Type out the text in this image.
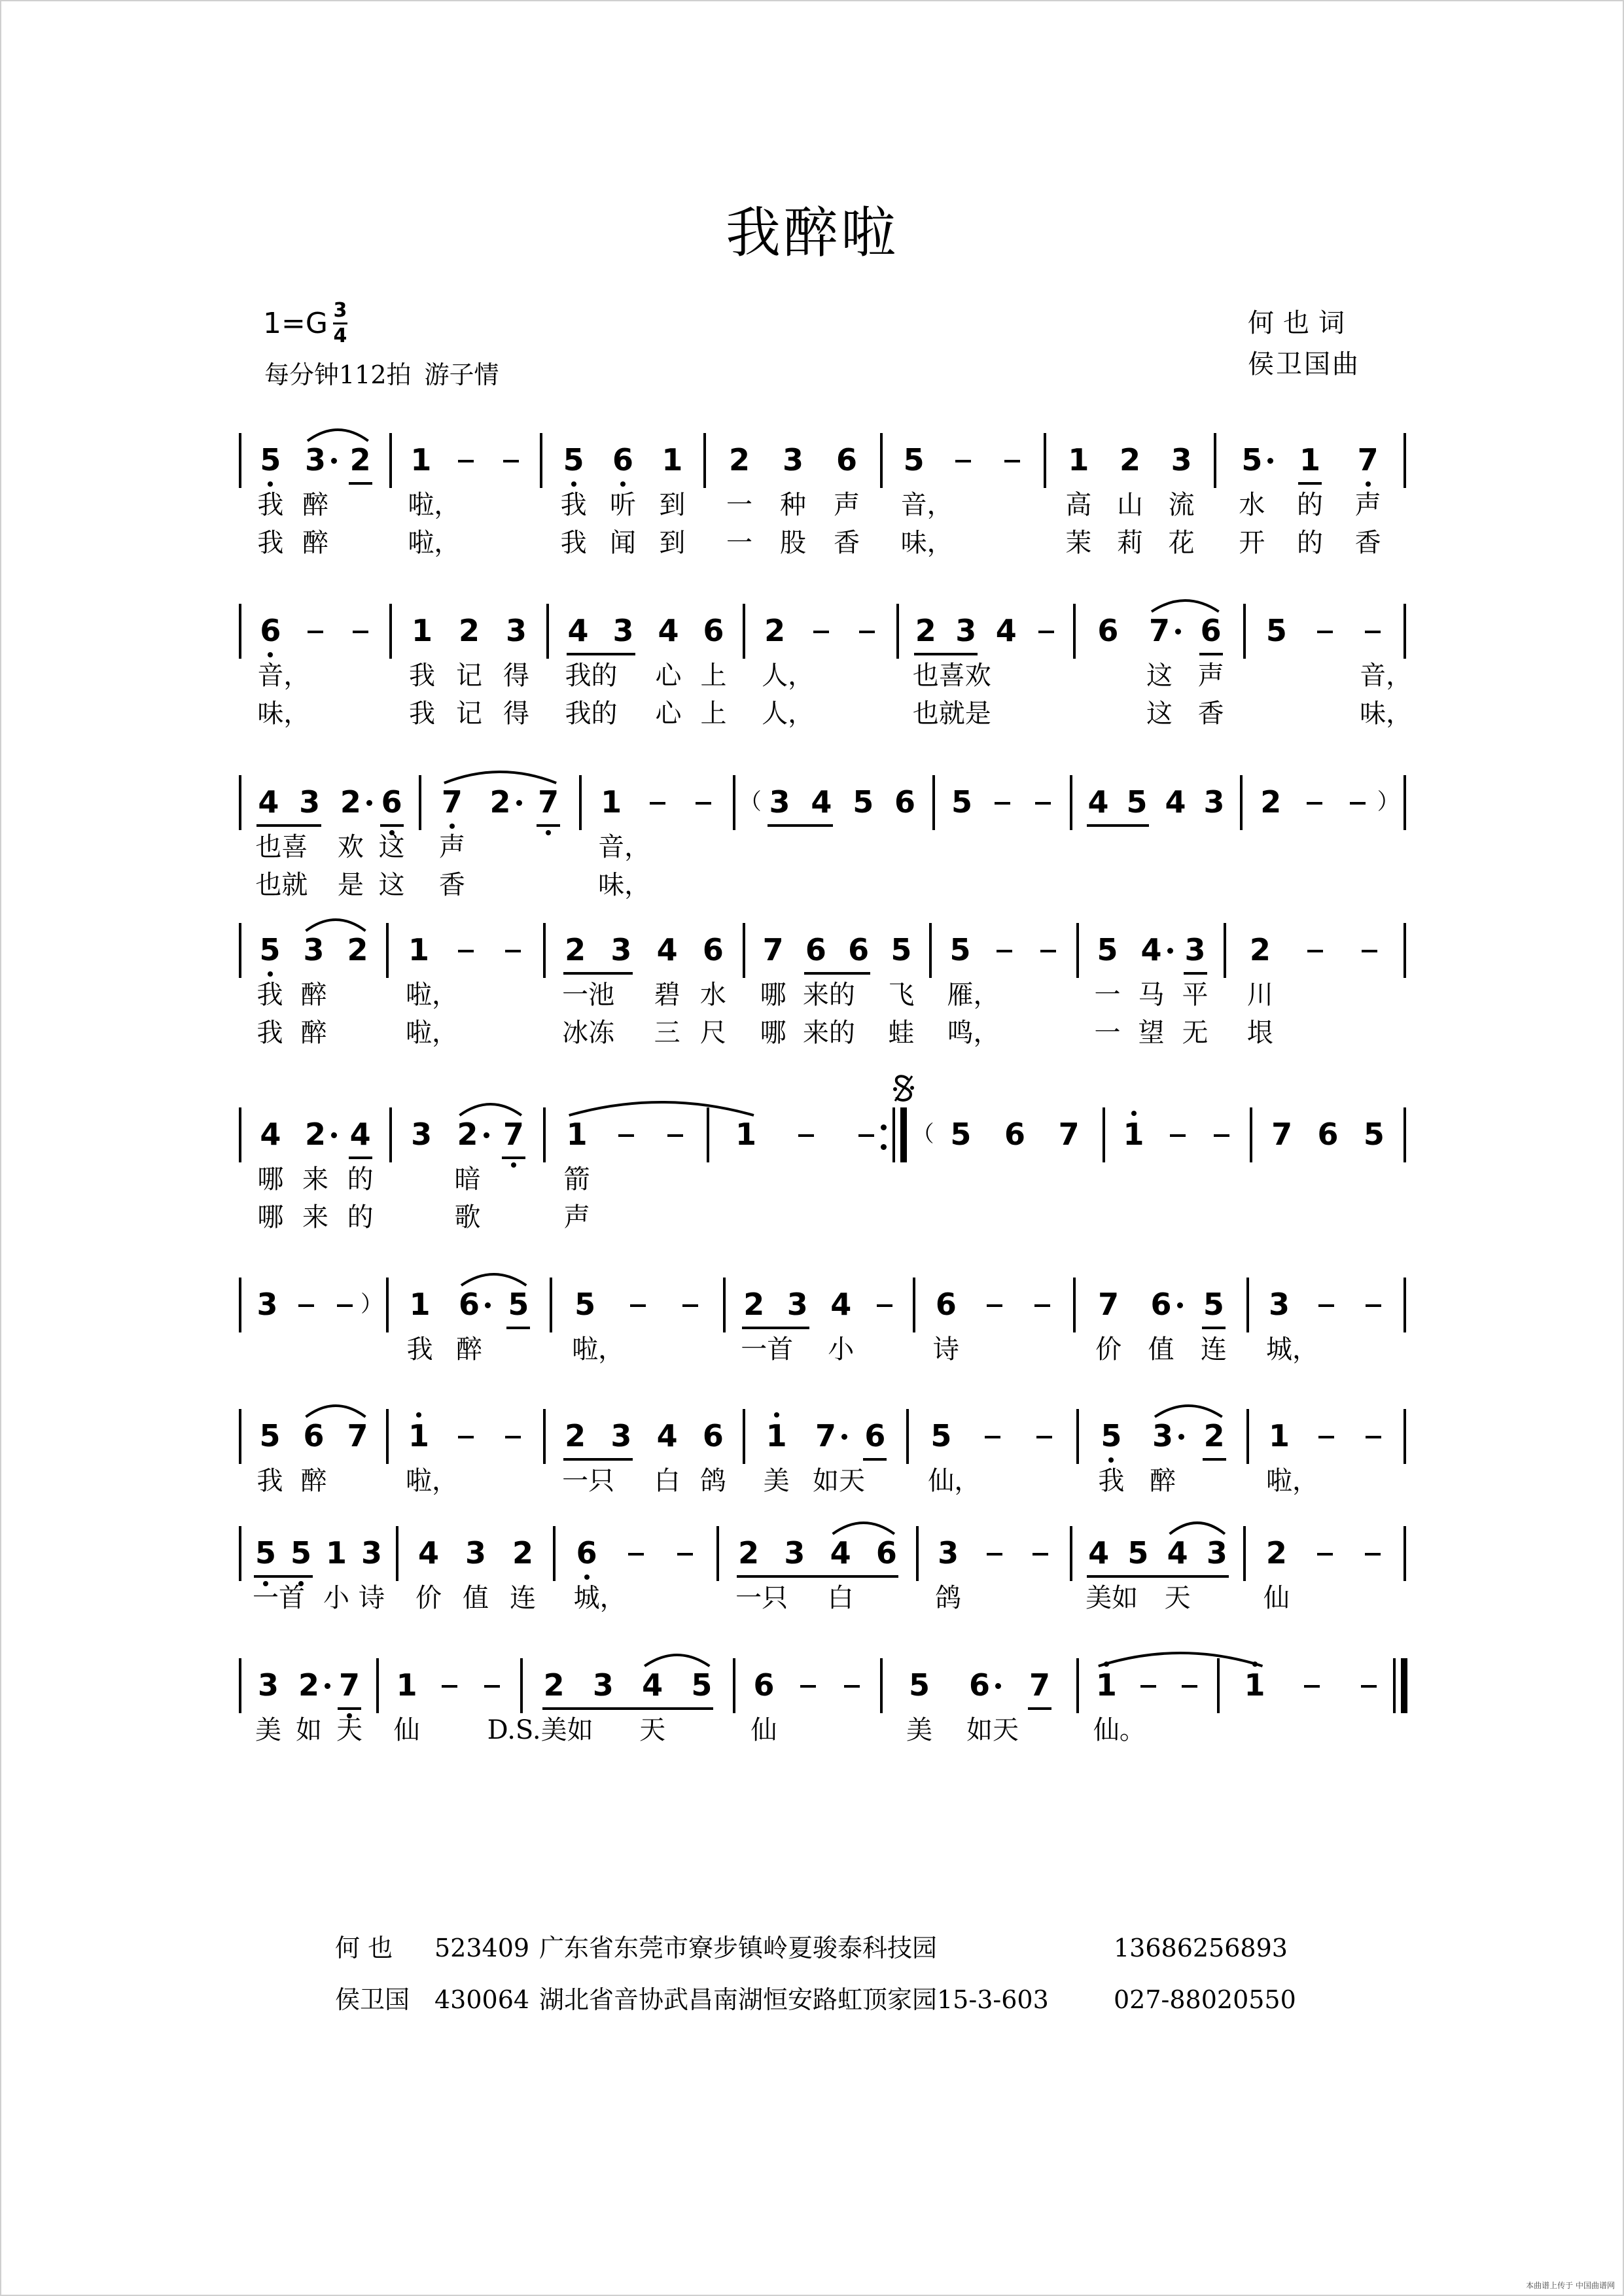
我醉啦
$1=G \frac{3}{4}$
每分钟112拍 游子情
何也词
侯卫国曲
5 3 2
我 醉
我 醉
1
啦，
啦，
5 6 1
我 听 到
我 闻 到
2	3	6
一 种 声
一 股 香
5
音，
味，
1	2	3
高 山 流
茉 莉 花
5	1	7
水 的 声
开 的 香
6
音，
味，
1 2 3
我 记 得
我 记 得
4 3 4 6
我的 心 上
我的 心 上
2
人，
人，
2 3 4
也喜欢
也就是
6	7	6
这 声
这 香
5
音，
味，
4 3 2 6
也喜 欢 这
也就 是 这
7 2 7
声
香
1
音，
味，
（ 3 4 5 6	5	4 5 4 3	2	）
5 3 2
我 醉
我 醉
1
啦，
啦，
2 3 4 6
一池 碧 水
冰冻 三 尺
7 6 6 5
哪 来的 飞
哪 来的 蛙
5
雁，
鸣，
5 4 3
一 马 平
一 望 无
2
川
垠
4 2 4
哪 来 的
哪 来 的
3 2 7
暗
歌
1
箭
声
1	（ 5	6	7	1	7 6 5
3	） 1 6 5
我 醉
5
啦，
2 3 4
一首 小
6
诗
7	6	5
价 值 连
3
城，
5 6 7
我 醉
1
啦，
2 3 4 6
一只 白 鸽
1 7 6
美 如天
5
仙，
5	3	2
我 醉
1
啦，
5 5 1 3
一首 小 诗
4 3 2
价 值 连
6
城，
2 3 4 6
一只 白
3
鸽
4 5 4 3
美如 天
2
仙
3 2 7
美 如 天
1
仙
2 3 4 5
D.S.美如 天
6
仙
5	6	7
美 如天
1
仙。
1
何 也 523409 广东省东莞市寮步镇岭夏骏泰科技园	13686256893
侯卫国 430064 湖北省音协武昌南湖恒安路虹顶家园15-3-603	027-88020550
本曲谱上传于 中国曲谱网
